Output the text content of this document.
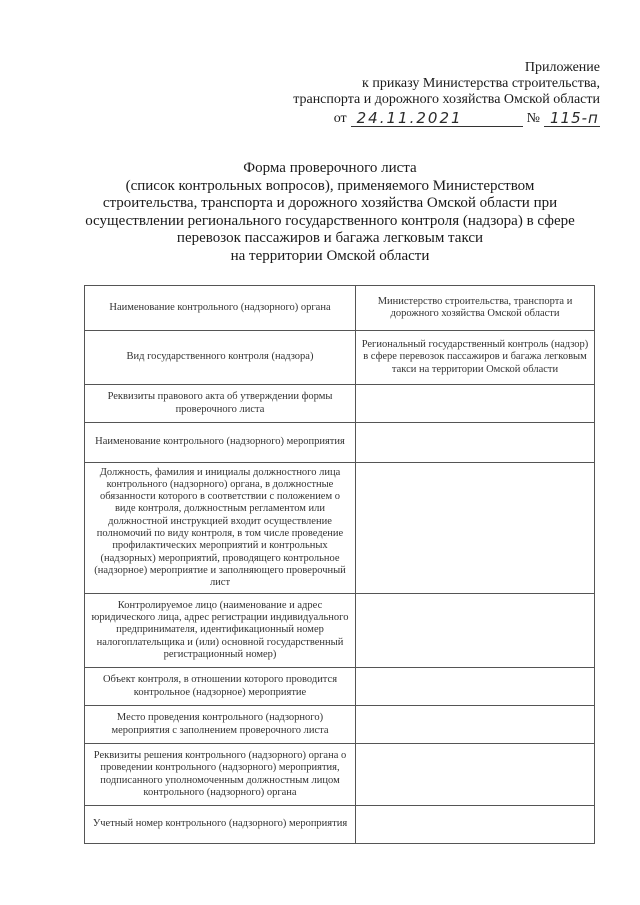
Приложение
к приказу Министерства строительства,
транспорта и дорожного хозяйства Омской области
от 24.11.2021	№ 115-п
Форма проверочного листа
(список контрольных вопросов), применяемого Министерством
строительства, транспорта и дорожного хозяйства Омской области при
осуществлении регионального государственного контроля (надзора) в сфере
перевозок пассажиров и багажа легковым такси
на территории Омской области
Наименование контрольного (надзорного) органа	Министерство строительства, транспорта и дорожного хозяйства Омской области
Вид государственного контроля (надзора)	Региональный государственный контроль (надзор) в сфере перевозок пассажиров и багажа легковым такси на территории Омской области
Реквизиты правового акта об утверждении формы проверочного листа	
Наименование контрольного (надзорного) мероприятия	
Должность, фамилия и инициалы должностного лица контрольного (надзорного) органа, в должностные обязанности которого в соответствии с положением о виде контроля, должностным регламентом или должностной инструкцией входит осуществление полномочий по виду контроля, в том числе проведение профилактических мероприятий и контрольных (надзорных) мероприятий, проводящего контрольное (надзорное) мероприятие и заполняющего проверочный лист	
Контролируемое лицо (наименование и адрес юридического лица, адрес регистрации индивидуального предпринимателя, идентификационный номер налогоплательщика и (или) основной государственный регистрационный номер)	
Объект контроля, в отношении которого проводится контрольное (надзорное) мероприятие	
Место проведения контрольного (надзорного) мероприятия с заполнением проверочного листа	
Реквизиты решения контрольного (надзорного) органа о проведении контрольного (надзорного) мероприятия, подписанного уполномоченным должностным лицом контрольного (надзорного) органа	
Учетный номер контрольного (надзорного) мероприятия	
